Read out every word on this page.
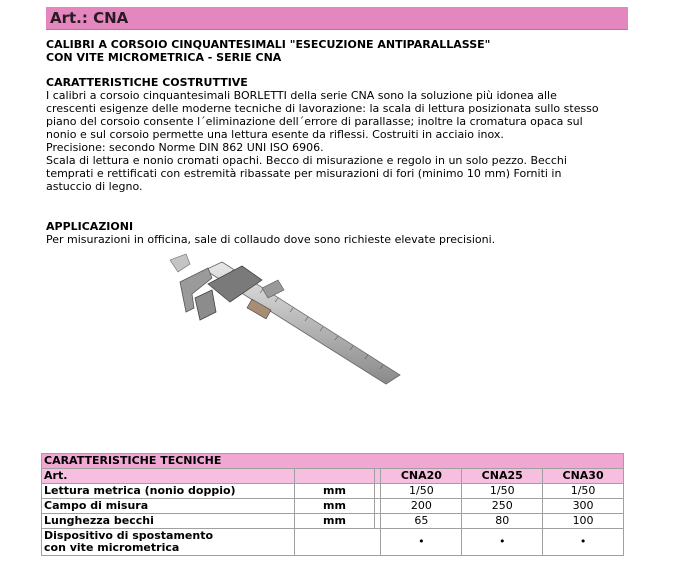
Art.: CNA
CALIBRI A CORSOIO CINQUANTESIMALI "ESECUZIONE ANTIPARALLASSE"
CON VITE MICROMETRICA - SERIE CNA
CARATTERISTICHE COSTRUTTIVE
I calibri a corsoio cinquantesimali BORLETTI della serie CNA sono la soluzione più idonea alle
crescenti esigenze delle moderne tecniche di lavorazione: la scala di lettura posizionata sullo stesso
piano del corsoio consente l´eliminazione dell´errore di parallasse; inoltre la cromatura opaca sul
nonio e sul corsoio permette una lettura esente da riflessi. Costruiti in acciaio inox.
Precisione: secondo Norme DIN 862 UNI ISO 6906.
Scala di lettura e nonio cromati opachi. Becco di misurazione e regolo in un solo pezzo. Becchi
temprati e rettificati con estremità ribassate per misurazioni di fori (minimo 10 mm) Forniti in
astuccio di legno.
APPLICAZIONI
Per misurazioni in officina, sale di collaudo dove sono richieste elevate precisioni.
CARATTERISTICHE TECNICHE					
Art.			CNA20	CNA25	CNA30
Lettura metrica (nonio doppio)	mm		1/50	1/50	1/50
Campo di misura	mm		200	250	300
Lunghezza becchi	mm		65	80	100

Dispositivo di spostamento
con vite micrometrica			•	•	•
